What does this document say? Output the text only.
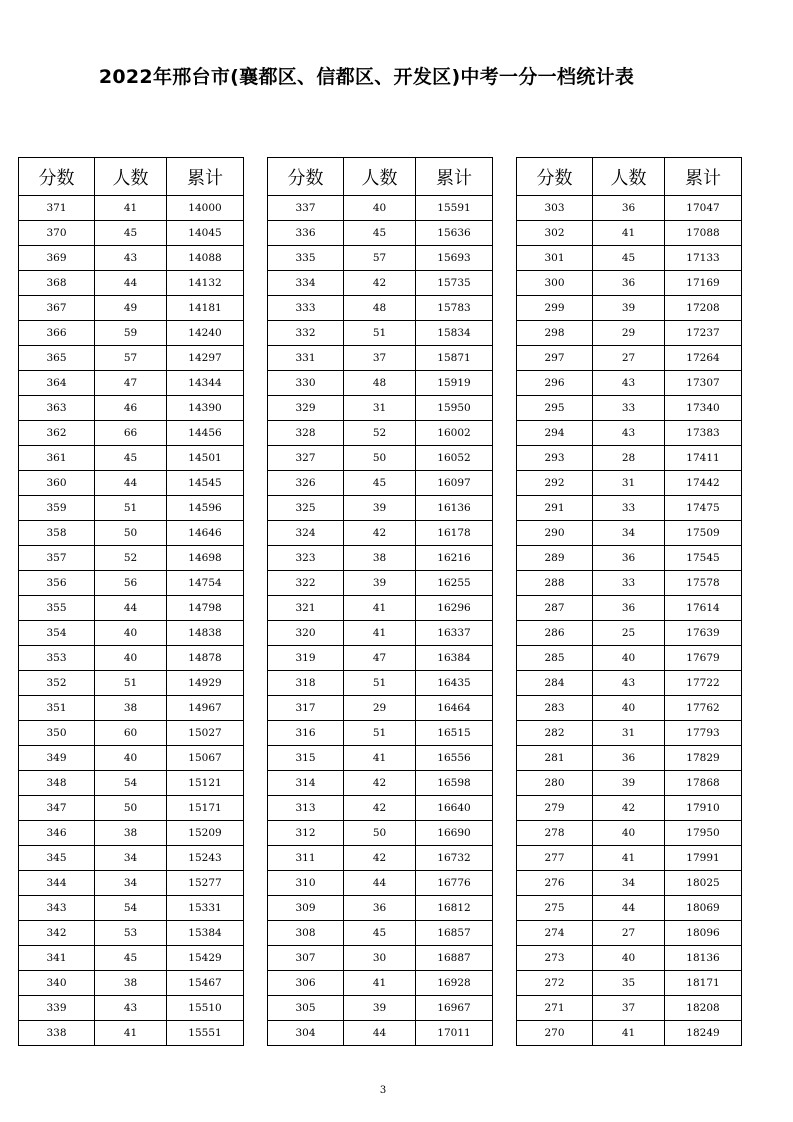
2022年邢台市(襄都区、信都区、开发区)中考一分一档统计表
分数	人数	累计
371	41	14000
370	45	14045
369	43	14088
368	44	14132
367	49	14181
366	59	14240
365	57	14297
364	47	14344
363	46	14390
362	66	14456
361	45	14501
360	44	14545
359	51	14596
358	50	14646
357	52	14698
356	56	14754
355	44	14798
354	40	14838
353	40	14878
352	51	14929
351	38	14967
350	60	15027
349	40	15067
348	54	15121
347	50	15171
346	38	15209
345	34	15243
344	34	15277
343	54	15331
342	53	15384
341	45	15429
340	38	15467
339	43	15510
338	41	15551
分数	人数	累计
337	40	15591
336	45	15636
335	57	15693
334	42	15735
333	48	15783
332	51	15834
331	37	15871
330	48	15919
329	31	15950
328	52	16002
327	50	16052
326	45	16097
325	39	16136
324	42	16178
323	38	16216
322	39	16255
321	41	16296
320	41	16337
319	47	16384
318	51	16435
317	29	16464
316	51	16515
315	41	16556
314	42	16598
313	42	16640
312	50	16690
311	42	16732
310	44	16776
309	36	16812
308	45	16857
307	30	16887
306	41	16928
305	39	16967
304	44	17011
分数	人数	累计
303	36	17047
302	41	17088
301	45	17133
300	36	17169
299	39	17208
298	29	17237
297	27	17264
296	43	17307
295	33	17340
294	43	17383
293	28	17411
292	31	17442
291	33	17475
290	34	17509
289	36	17545
288	33	17578
287	36	17614
286	25	17639
285	40	17679
284	43	17722
283	40	17762
282	31	17793
281	36	17829
280	39	17868
279	42	17910
278	40	17950
277	41	17991
276	34	18025
275	44	18069
274	27	18096
273	40	18136
272	35	18171
271	37	18208
270	41	18249
3
